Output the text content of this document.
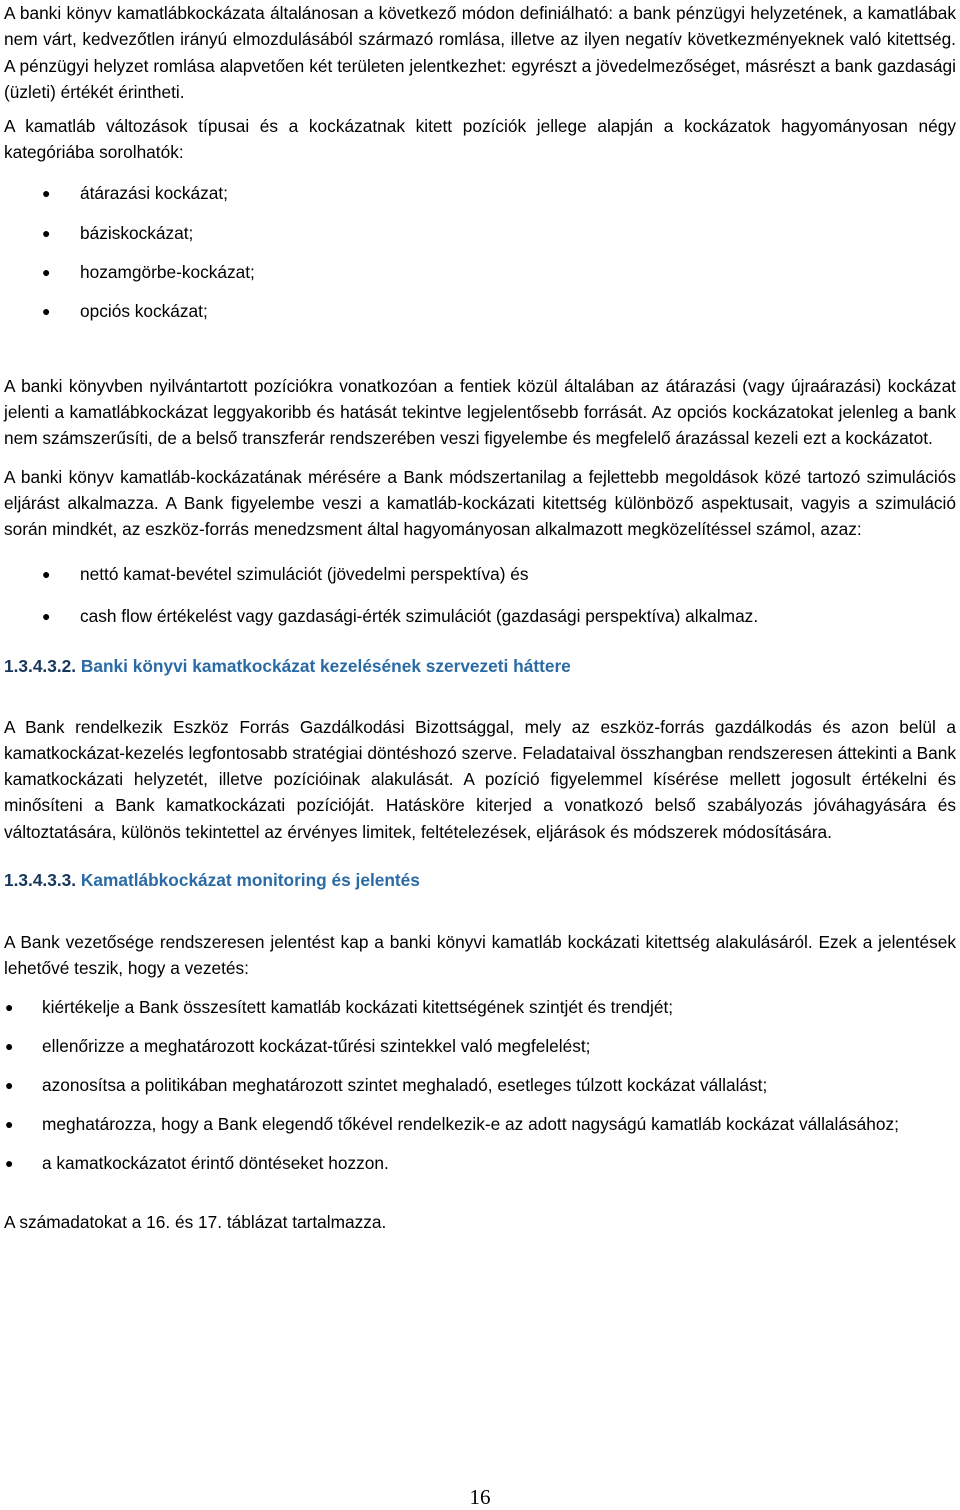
A banki könyv kamatlábkockázata általánosan a következő módon definiálható: a bank pénzügyi helyzetének, a kamatlábak nem várt, kedvezőtlen irányú elmozdulásából származó romlása, illetve az ilyen negatív következményeknek való kitettség. A pénzügyi helyzet romlása alapvetően két területen jelentkezhet: egyrészt a jövedelmezőséget, másrészt a bank gazdasági (üzleti) értékét érintheti.

A kamatláb változások típusai és a kockázatnak kitett pozíciók jellege alapján a kockázatok hagyományosan négy kategóriába sorolhatók:

● átárazási kockázat;
● báziskockázat;
● hozamgörbe-kockázat;
● opciós kockázat;

A banki könyvben nyilvántartott pozíciókra vonatkozóan a fentiek közül általában az átárazási (vagy újraárazási) kockázat jelenti a kamatlábkockázat leggyakoribb és hatását tekintve legjelentősebb forrását. Az opciós kockázatokat jelenleg a bank nem számszerűsíti, de a belső transzferár rendszerében veszi figyelembe és megfelelő árazással kezeli ezt a kockázatot.

A banki könyv kamatláb-kockázatának mérésére a Bank módszertanilag a fejlettebb megoldások közé tartozó szimulációs eljárást alkalmazza. A Bank figyelembe veszi a kamatláb-kockázati kitettség különböző aspektusait, vagyis a szimuláció során mindkét, az eszköz-forrás menedzsment által hagyományosan alkalmazott megközelítéssel számol, azaz:

● nettó kamat-bevétel szimulációt (jövedelmi perspektíva) és
● cash flow értékelést vagy gazdasági-érték szimulációt (gazdasági perspektíva) alkalmaz.
1.3.4.3.2. Banki könyvi kamatkockázat kezelésének szervezeti háttere

A Bank rendelkezik Eszköz Forrás Gazdálkodási Bizottsággal, mely az eszköz-forrás gazdálkodás és azon belül a kamatkockázat-kezelés legfontosabb stratégiai döntéshozó szerve. Feladataival összhangban rendszeresen áttekinti a Bank kamatkockázati helyzetét, illetve pozícióinak alakulását. A pozíció figyelemmel kísérése mellett jogosult értékelni és minősíteni a Bank kamatkockázati pozícióját. Hatásköre kiterjed a vonatkozó belső szabályozás jóváhagyására és változtatására, különös tekintettel az érvényes limitek, feltételezések, eljárások és módszerek módosítására.

1.3.4.3.3. Kamatlábkockázat monitoring és jelentés

A Bank vezetősége rendszeresen jelentést kap a banki könyvi kamatláb kockázati kitettség alakulásáról. Ezek a jelentések lehetővé teszik, hogy a vezetés:

● kiértékelje a Bank összesített kamatláb kockázati kitettségének szintjét és trendjét;
● ellenőrizze a meghatározott kockázat-tűrési szintekkel való megfelelést;
● azonosítsa a politikában meghatározott szintet meghaladó, esetleges túlzott kockázat vállalást;
● meghatározza, hogy a Bank elegendő tőkével rendelkezik-e az adott nagyságú kamatláb kockázat vállalásához;
● a kamatkockázatot érintő döntéseket hozzon.

A számadatokat a 16. és 17. táblázat tartalmazza.

16
